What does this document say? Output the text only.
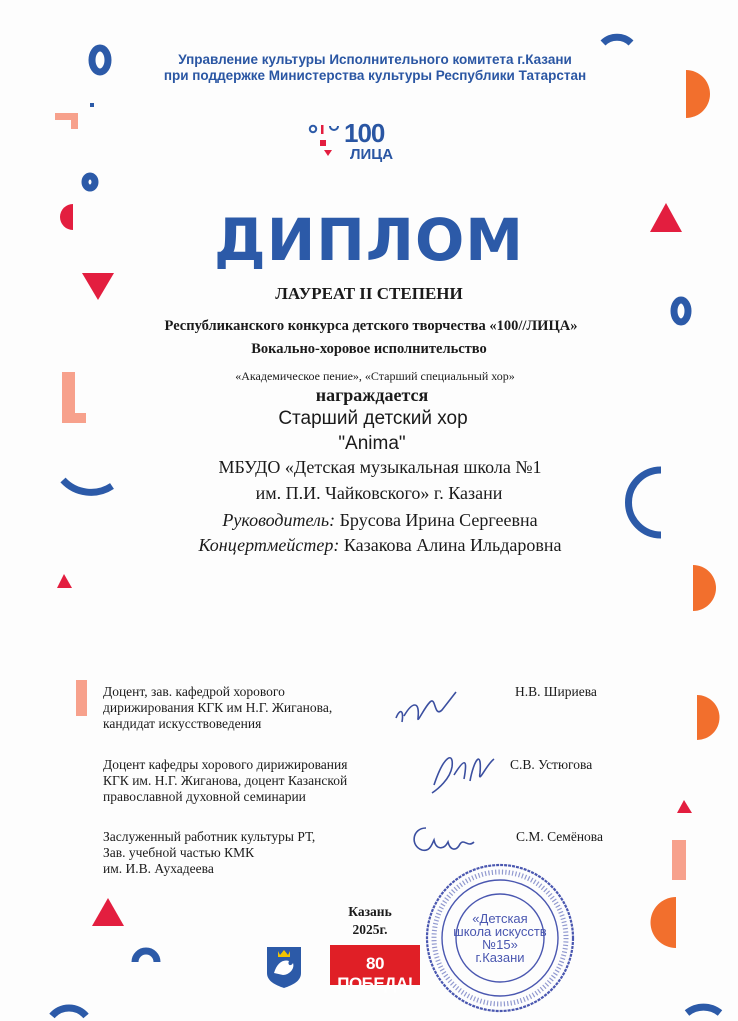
Управление культуры Исполнительного комитета г.Казани
при поддержке Министерства культуры Республики Татарстан
100
ЛИЦА
ДИПЛОМ
ЛАУРЕАТ II СТЕПЕНИ
Республиканского конкурса детского творчества «100//ЛИЦА»
Вокально-хоровое исполнительство
«Академическое пение», «Старший специальный хор»
награждается
Старший детский хор
"Anima"
МБУДО «Детская музыкальная школа №1
им. П.И. Чайковского» г. Казани
Руководитель: Брусова Ирина Сергеевна
Концертмейстер: Казакова Алина Ильдаровна
Доцент, зав. кафедрой хорового
дирижирования КГК им Н.Г. Жиганова,
кандидат искусствоведения
Н.В. Шириева
Доцент кафедры хорового дирижирования
КГК им. Н.Г. Жиганова, доцент Казанской
православной духовной семинарии
С.В. Устюгова
Заслуженный работник культуры РТ,
Зав. учебной частью КМК
им. И.В. Аухадеева
С.М. Семёнова
Казань
2025г.
80 ПОБЕДА!
«Детская
школа искусств
№15»
г.Казани
